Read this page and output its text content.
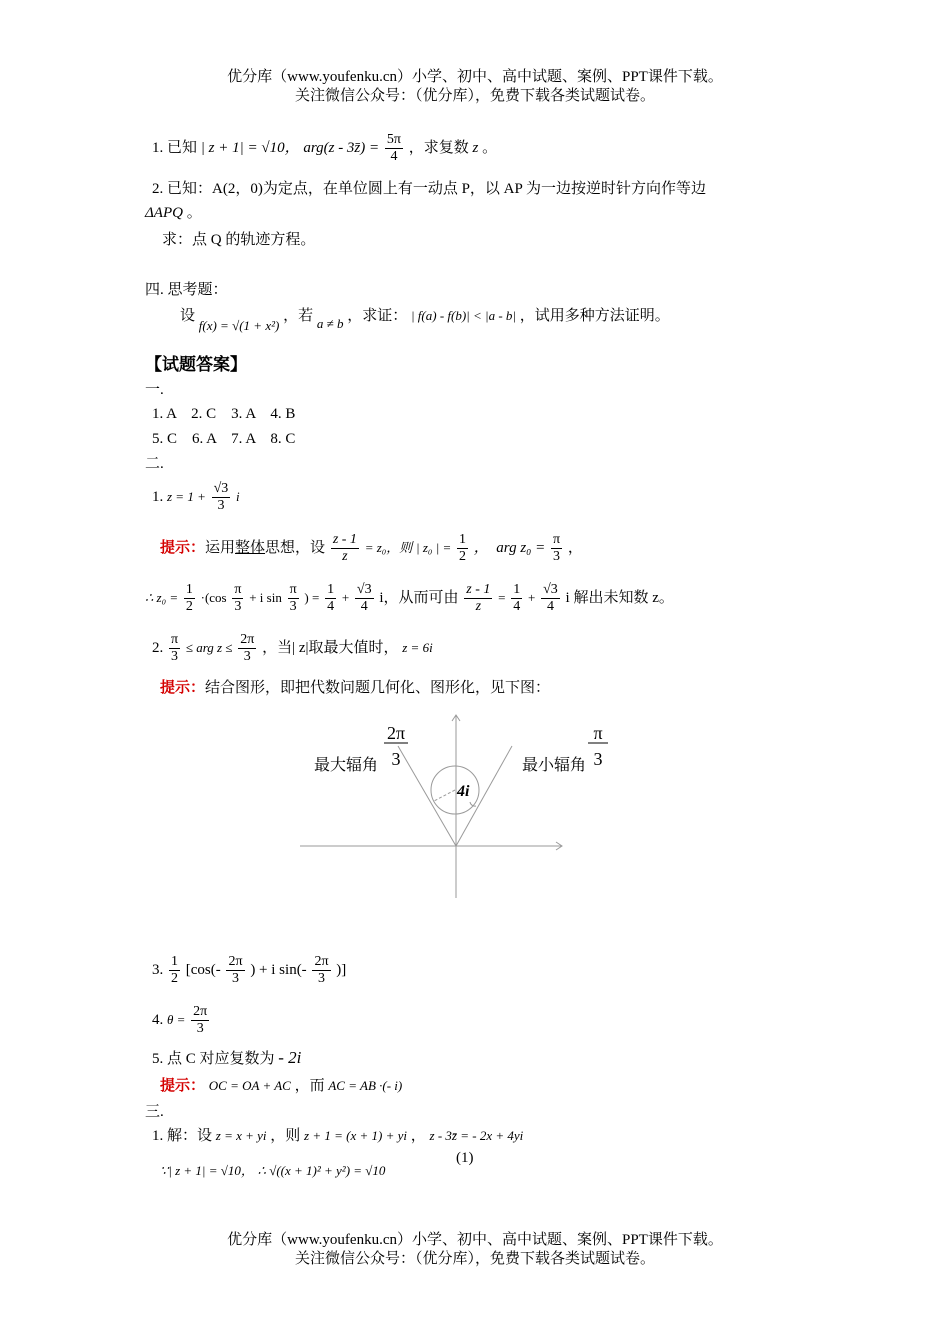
优分库（www.youfenku.cn）小学、初中、高中试题、案例、PPT课件下载。
关注微信公众号：（优分库），免费下载各类试题试卷。
1. 已知 | z + 1| = √10， arg(z - 3z̄) = $\frac{5\pi}{4}$ ，求复数 z 。
2. 已知：A(2，0)为定点，在单位圆上有一动点 P，以 AP 为一边按逆时针方向作等边
ΔAPQ 。
求：点 Q 的轨迹方程。
四. 思考题：
设 f(x) = √(1 + x²) ，若 a ≠ b ，求证： | f(a) - f(b)| < |a - b| ，试用多种方法证明。
【试题答案】
一.
1. A　2. C　3. A　4. B
5. C　6. A　7. A　8. C
二.
1. $z = 1 + \frac{√3}{3}$ i
提示：运用整体思想，设 $\frac{z - 1}{z} = z_0$，则 | z₀ | = $\frac{1}{2}$ ，　arg $z_0 = \frac{\pi}{3}$ ，
∴ $z_0 = \frac{1}{2} \cdot(\cos \frac{\pi}{3} + i$ $\sin \frac{\pi}{3}$ ) = $\frac{1}{4} + \frac{√3}{4}$ i，从而可由 $\frac{z - 1}{z} = \frac{1}{4} + \frac{√3}{4}$ i 解出未知数 z。
2. $\frac{\pi}{3}$ ≤ arg $z \le \frac{2\pi}{3}$ ，当| z|取最大值时， z = 6i
提示：结合图形，即把代数问题几何化、图形化，见下图：
2π
3
最大辐角
π
3
最小辐角
4i
3. $\frac{1}{2} [\cos(- \frac{2\pi}{3}$ ) + i $\sin(- \frac{2\pi}{3}$ )]
4. $\theta = \frac{2\pi}{3}$
5. 点 C 对应复数为 - 2i
提示： OC = OA + AC ，而 AC = AB ·(- i)
三.
1. 解：设 z = x + yi ，则 z + 1 = (x + 1) + yi ， z - 3z̄ = - 2x + 4yi
∵| z + 1| = √10， ∴ √((x + 1)² + y²) = √10
(1)
优分库（www.youfenku.cn）小学、初中、高中试题、案例、PPT课件下载。
关注微信公众号：（优分库），免费下载各类试题试卷。
